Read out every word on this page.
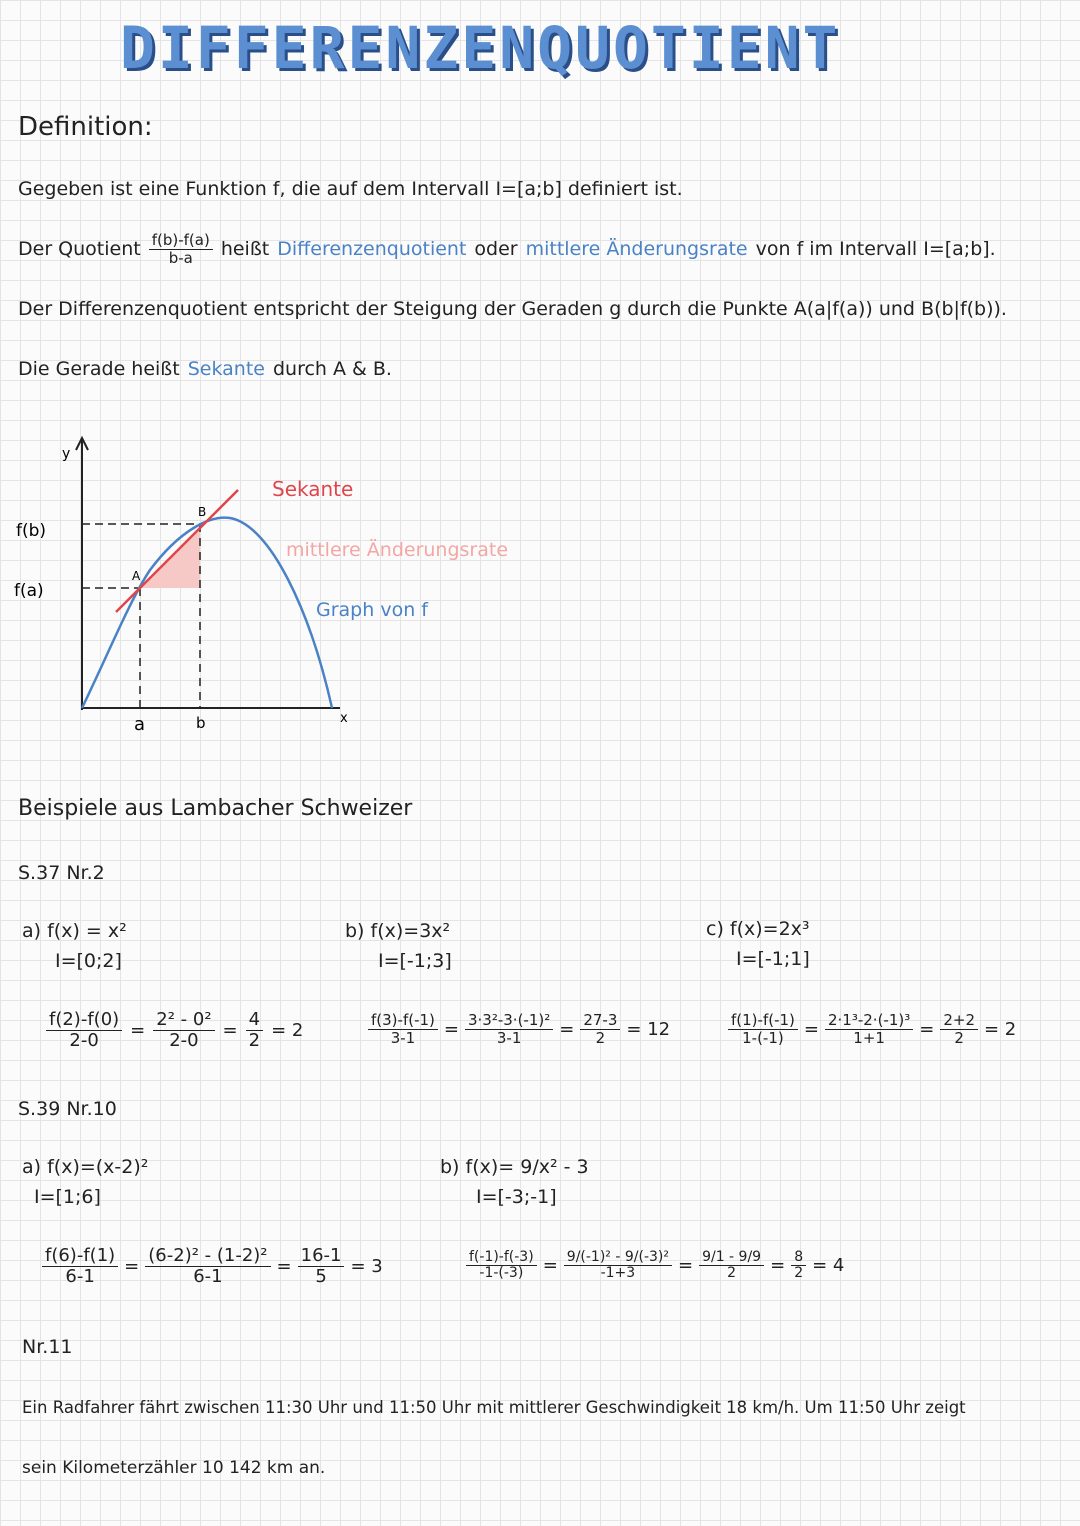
DIFFERENZENQUOTIENT
Definition:
Gegeben ist eine Funktion f, die auf dem Intervall I=[a;b] definiert ist.
Der Quotient $\frac{f(b)-f(a)}{b-a}$ heißt Differenzenquotient oder mittlere Änderungsrate von f im Intervall I=[a;b].
Der Differenzenquotient entspricht der Steigung der Geraden g durch die Punkte A(a|f(a)) und B(b|f(b)).
Die Gerade heißt Sekante durch A & B.
y
x
f(b)
f(a)
A
B
a	b
Sekante
mittlere Änderungsrate
Graph von f
Beispiele aus Lambacher Schweizer
S.37 Nr.2
a) f(x) = x²
I=[0;2]
$\frac{f(2)-f(0)}{2-0} = \frac{\text{2² - 0²}}{2-0} = \frac{4}{2} = 2$
b) f(x)=3x²
I=[-1;3]
$\frac{f(3)-f(-1)}{3-1} = \frac{\text{3·3²-3·(-1)²}}{3-1} = \frac{27-3}{2} = 12$
c) f(x)=2x³
I=[-1;1]
$\frac{f(1)-f(-1)}{1-(-1)} = \frac{\text{2·1³-2·(-1)³}}{1+1} = \frac{2+2}{2} = 2$
S.39 Nr.10
a) f(x)=(x-2)²
I=[1;6]
$\frac{f(6)-f(1)}{6-1} = \frac{\text{(6-2)² - (1-2)²}}{6-1} = \frac{16-1}{5} = 3$
b) f(x)= 9/x² - 3
I=[-3;-1]
$\frac{f(-1)-f(-3)}{-1-(-3)} = \frac{\text{9/(-1)² - 9/(-3)²}}{-1+3} = \frac{9/1 - 9/9}{2} = \frac{8}{2} = 4$
Nr.11
Ein Radfahrer fährt zwischen 11:30 Uhr und 11:50 Uhr mit mittlerer Geschwindigkeit 18 km/h. Um 11:50 Uhr zeigt
sein Kilometerzähler 10 142 km an.
